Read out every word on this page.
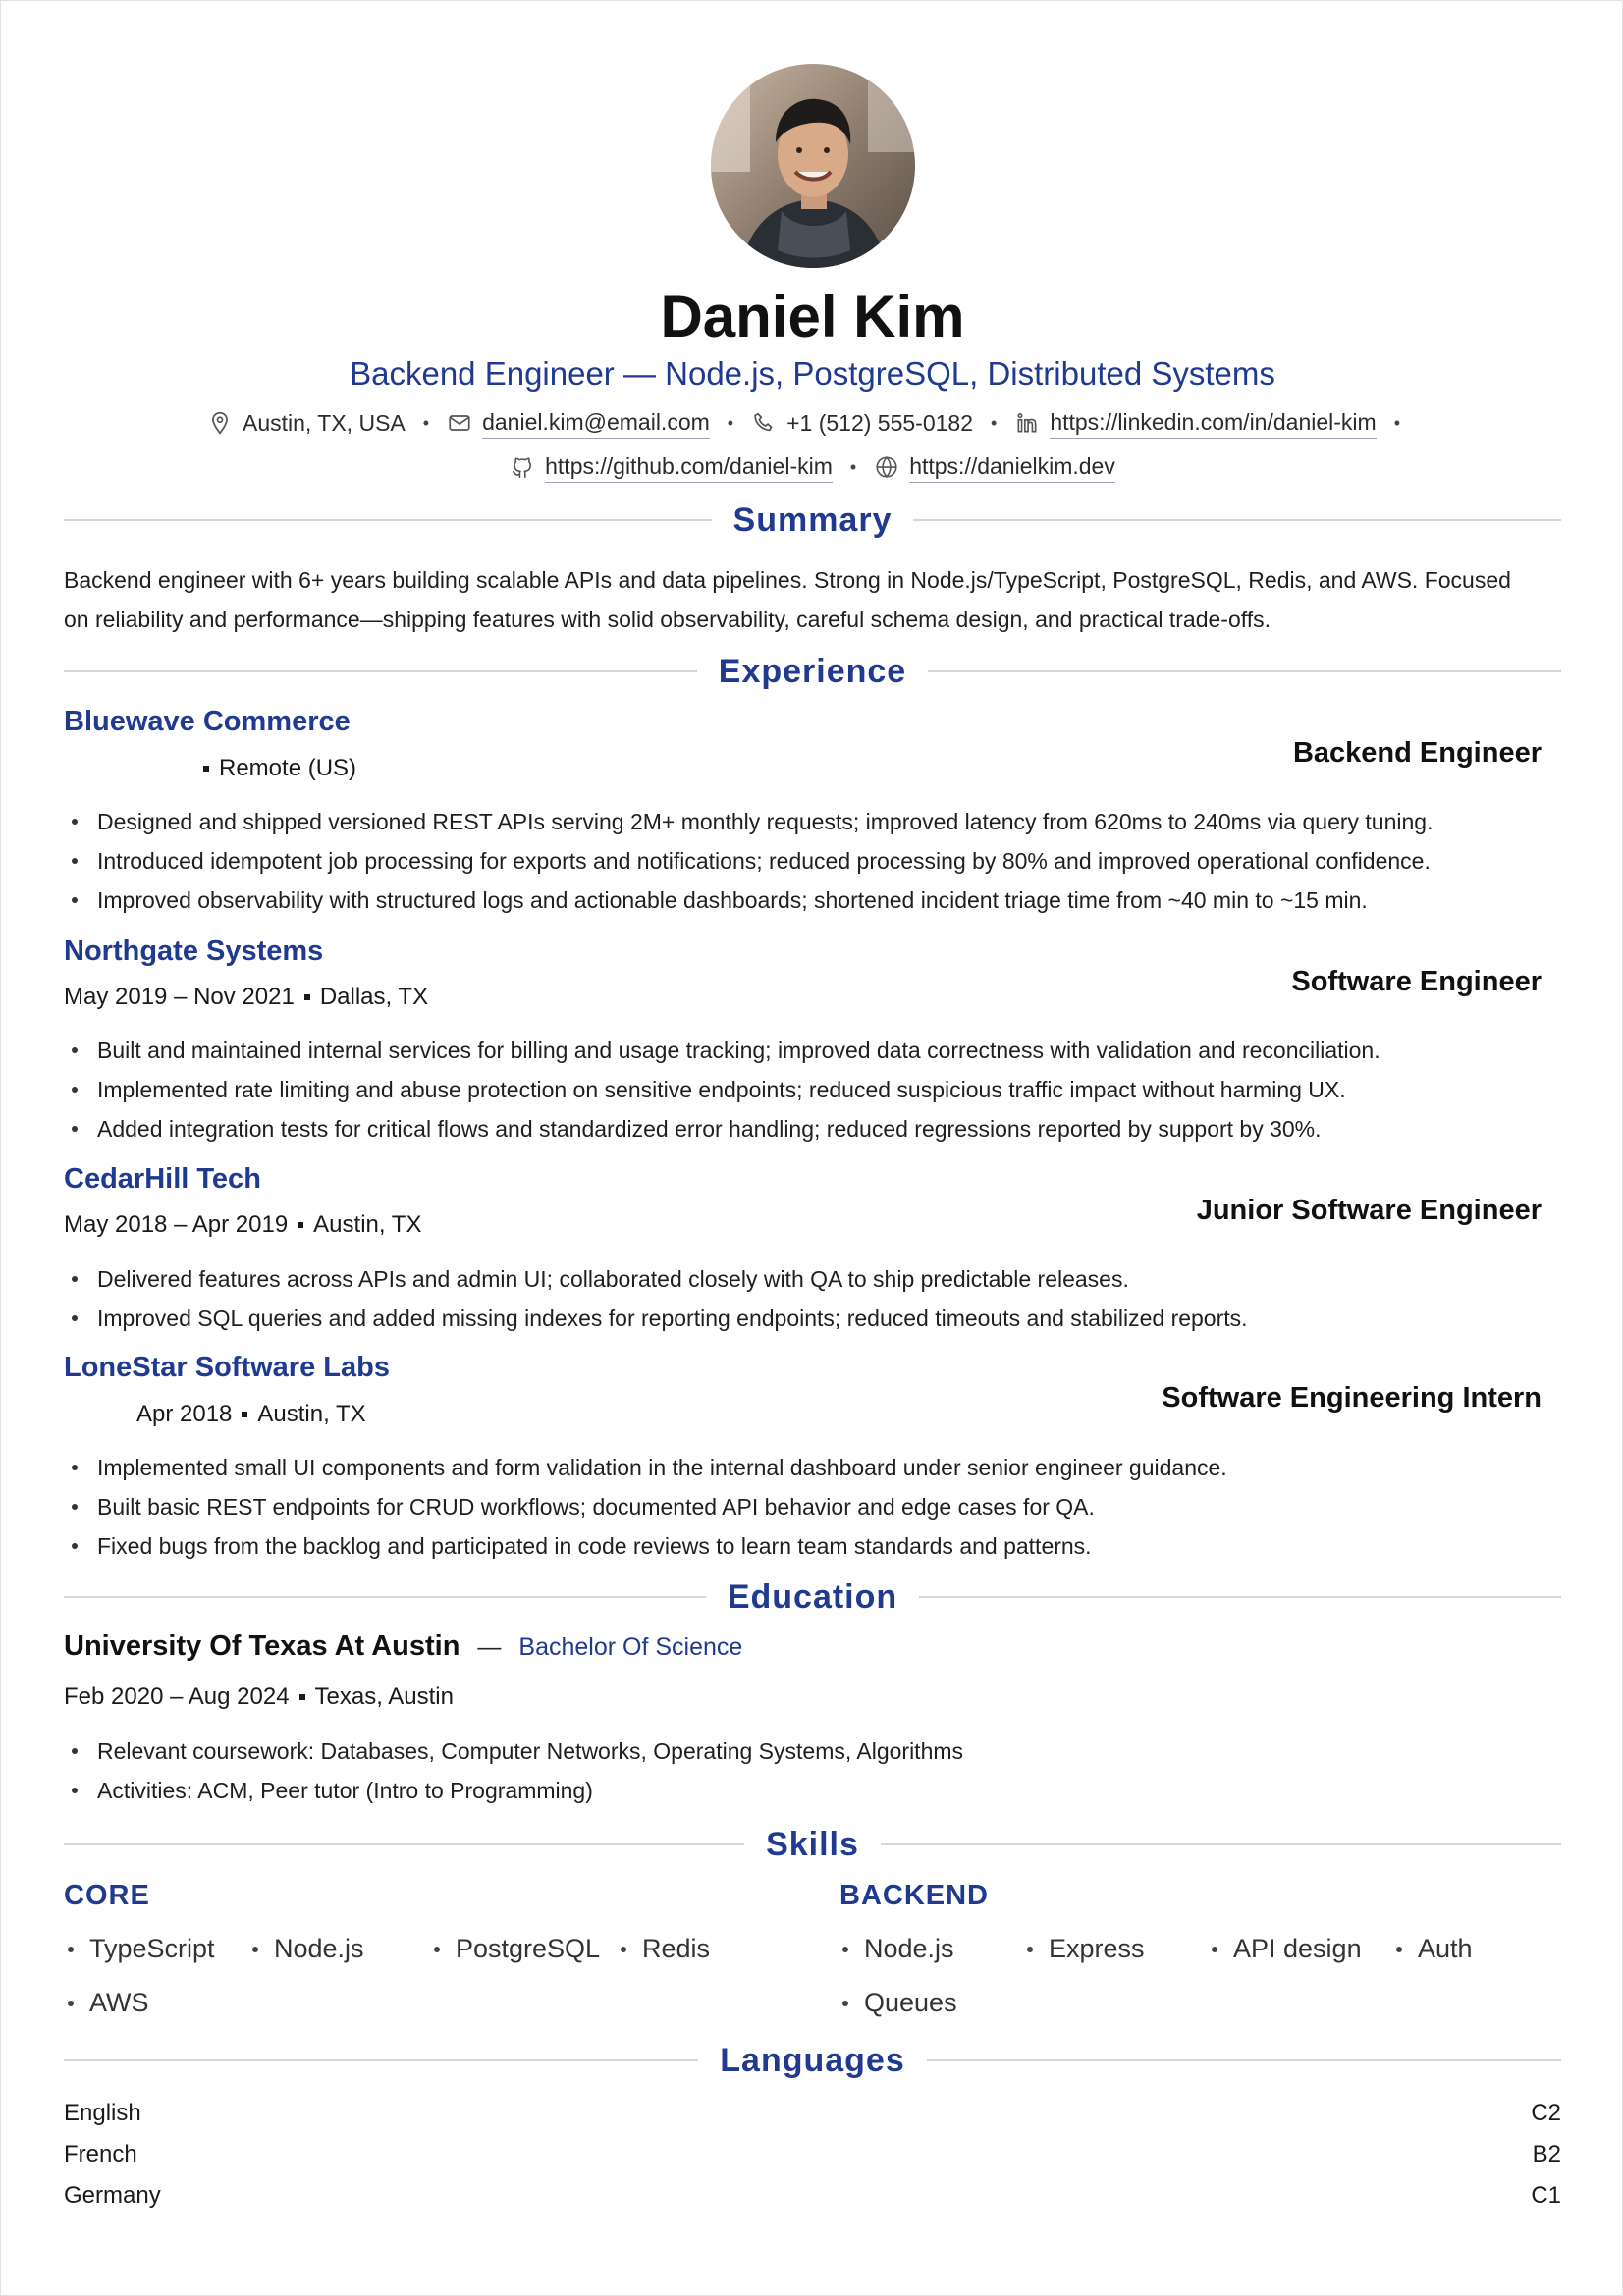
Daniel Kim
Backend Engineer — Node.js, PostgreSQL, Distributed Systems
Austin, TX, USA • daniel.kim@email.com • +1 (512) 555-0182 • https://linkedin.com/in/daniel-kim •
https://github.com/daniel-kim • https://danielkim.dev
Summary
Backend engineer with 6+ years building scalable APIs and data pipelines. Strong in Node.js/TypeScript, PostgreSQL, Redis, and AWS. Focused
on reliability and performance—shipping features with solid observability, careful schema design, and practical trade-offs.
Experience
Bluewave Commerce
Remote (US)	Backend Engineer
Designed and shipped versioned REST APIs serving 2M+ monthly requests; improved latency from 620ms to 240ms via query tuning.
Introduced idempotent job processing for exports and notifications; reduced processing by 80% and improved operational confidence.
Improved observability with structured logs and actionable dashboards; shortened incident triage time from ~40 min to ~15 min.
Northgate Systems
May 2019 – Nov 2021 Dallas, TX	Software Engineer
Built and maintained internal services for billing and usage tracking; improved data correctness with validation and reconciliation.
Implemented rate limiting and abuse protection on sensitive endpoints; reduced suspicious traffic impact without harming UX.
Added integration tests for critical flows and standardized error handling; reduced regressions reported by support by 30%.
CedarHill Tech
May 2018 – Apr 2019 Austin, TX	Junior Software Engineer
Delivered features across APIs and admin UI; collaborated closely with QA to ship predictable releases.
Improved SQL queries and added missing indexes for reporting endpoints; reduced timeouts and stabilized reports.
LoneStar Software Labs
Apr 2018 Austin, TX
Software Engineering Intern
Implemented small UI components and form validation in the internal dashboard under senior engineer guidance.
Built basic REST endpoints for CRUD workflows; documented API behavior and edge cases for QA.
Fixed bugs from the backlog and participated in code reviews to learn team standards and patterns.
Education
University Of Texas At Austin — Bachelor Of Science
Feb 2020 – Aug 2024 Texas, Austin
Relevant coursework: Databases, Computer Networks, Operating Systems, Algorithms
Activities: ACM, Peer tutor (Intro to Programming)
Skills
CORE	BACKEND
TypeScript Node.js	PostgreSQL Redis
AWS
Node.js	Express	API design Auth
Queues
Languages
English	C2
French	B2
Germany	C1
